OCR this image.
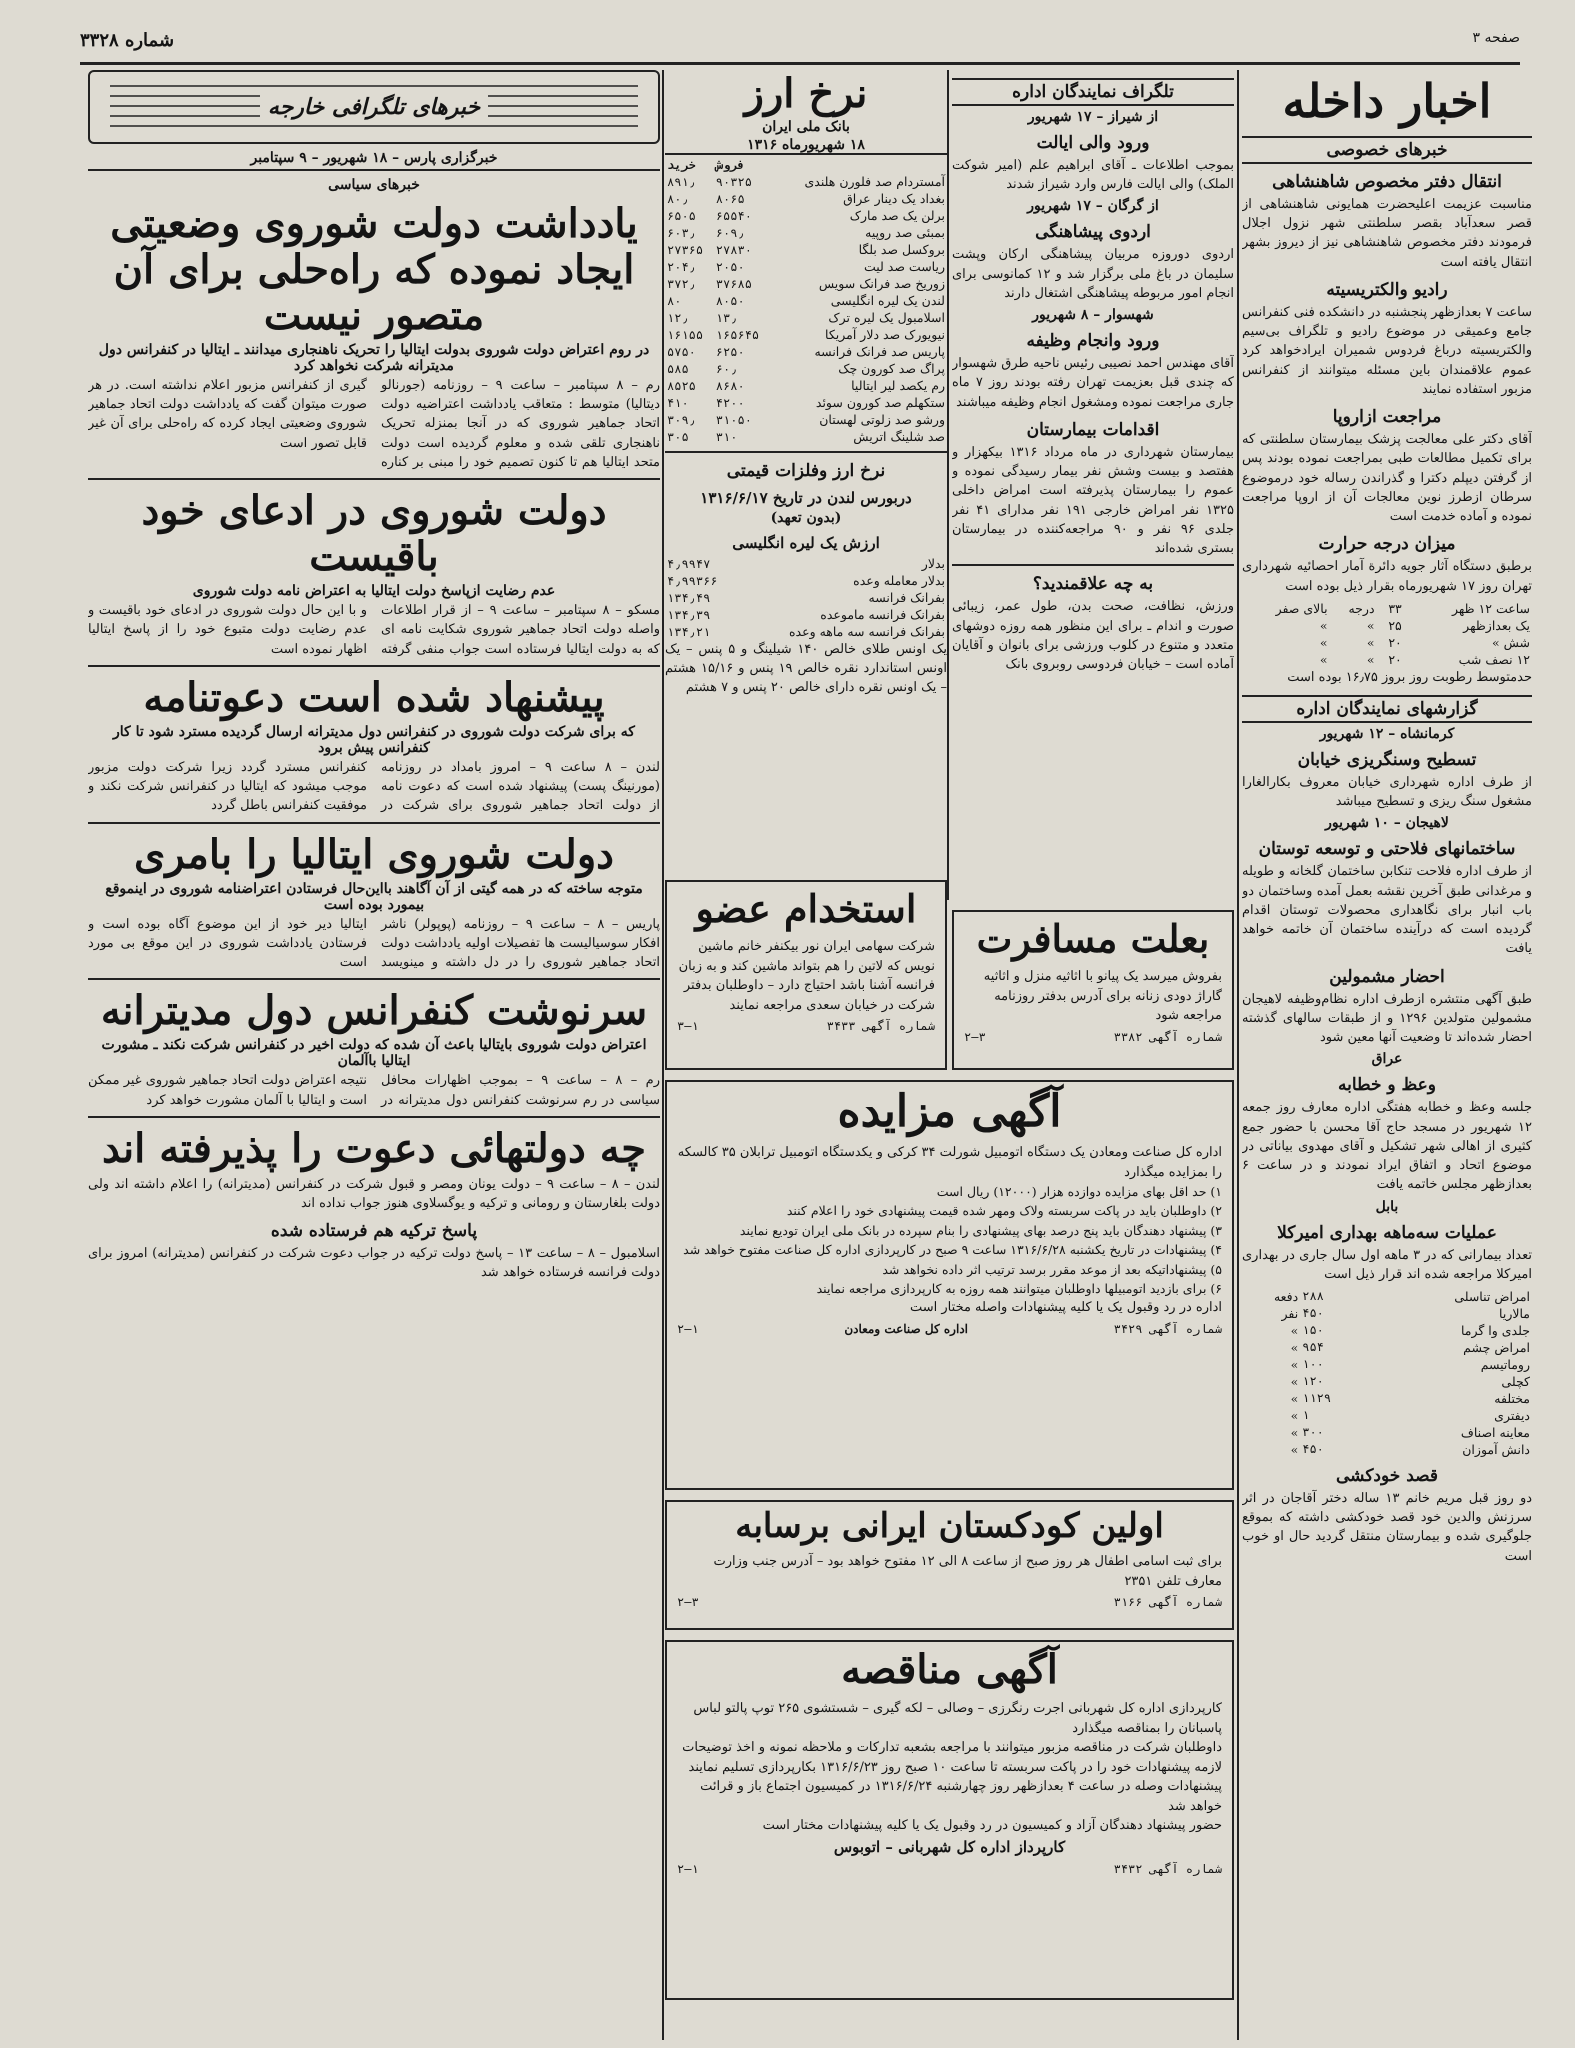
صفحه ۳
شماره ۳۳۲۸
اخبار داخله
خبرهای خصوصی
انتقال دفتر مخصوص شاهنشاهی

مناسبت عزیمت اعلیحضرت همایونی شاهنشاهی از قصر سعدآباد بقصر سلطنتی شهر نزول اجلال فرمودند دفتر مخصوص شاهنشاهی نیز از دیروز بشهر انتقال یافته است

رادیو والکتریسیته

ساعت ۷ بعدازظهر پنجشنبه در دانشکده فنی کنفرانس جامع وعمیقی در موضوع رادیو و تلگراف بی‌سیم والکتریسیته درباغ فردوس شمیران ایرادخواهد کرد عموم علاقمندان باین مسئله میتوانند از کنفرانس مزبور استفاده نمایند

مراجعت ازاروپا

آقای دکتر علی معالجت پزشک بیمارستان سلطنتی که برای تکمیل مطالعات طبی بمراجعت نموده بودند پس از گرفتن دیپلم دکترا و گذراندن رساله خود درموضوع سرطان ازطرز نوین معالجات آن از اروپا مراجعت نموده و آماده خدمت است

میزان درجه حرارت

برطبق دستگاه آثار جویه دائرة آمار احصائیه شهرداری تهران روز ۱۷ شهریورماه بقرار ذیل بوده است

ساعت ۱۲ ظهر	۳۳	درجه	بالای صفر
یک بعدازظهر	۲۵	»	»
شش »	۲۰	»	»
۱۲ نصف شب	۲۰	»	»

حدمتوسط رطوبت روز بروز ۱۶٫۷۵ بوده است

گزارشهای نمایندگان اداره
کرمانشاه – ۱۲ شهریور
تسطیح وسنگریزی خیابان

از طرف اداره شهرداری خیابان معروف بکارالغارا مشغول سنگ ریزی و تسطیح میباشد

لاهیجان – ۱۰ شهریور
ساختمانهای فلاحتی و توسعه توستان

از طرف اداره فلاحت تنکابن ساختمان گلخانه و طویله و مرغدانی طبق آخرین نقشه بعمل آمده وساختمان دو باب انبار برای نگاهداری محصولات توستان اقدام گردیده است که درآینده ساختمان آن خاتمه خواهد یافت

احضار مشمولین

طبق آگهی منتشره ازطرف اداره نظام‌وظیفه لاهیجان مشمولین متولدین ۱۲۹۶ و از طبقات سالهای گذشته احضار شده‌اند تا وضعیت آنها معین شود

عراق
وعظ و خطابه

جلسه وعظ و خطابه هفتگی اداره معارف روز جمعه ۱۲ شهریور در مسجد حاج آقا محسن با حضور جمع کثیری از اهالی شهر تشکیل و آقای مهدوی بیاناتی در موضوع اتحاد و اتفاق ایراد نمودند و در ساعت ۶ بعدازظهر مجلس خاتمه یافت

بابل
عملیات سه‌ماهه بهداری امیرکلا

تعداد بیمارانی که در ۳ ماهه اول سال جاری در بهداری امیرکلا مراجعه شده اند قرار ذیل است

امراض تناسلی	۲۸۸	دفعه
مالاریا	۴۵۰	نفر
جلدی وا گرما	۱۵۰	»
امراض چشم	۹۵۴	»
روماتیسم	۱۰۰	»
کچلی	۱۲۰	»
مختلفه	۱۱۲۹	»
دیفتری	۱	»
معاینه اصناف	۳۰۰	»
دانش آموزان	۴۵۰	»
قصد خودکشی

دو روز قبل مریم خانم ۱۳ ساله دختر آقاجان در اثر سرزنش والدین خود قصد خودکشی داشته که بموقع جلوگیری شده و بیمارستان منتقل گردید حال او خوب است

تلگراف نمایندگان اداره
از شیراز – ۱۷ شهریور
ورود والی ایالت

بموجب اطلاعات ـ آقای ابراهیم علم (امیر شوکت الملک) والی ایالت فارس وارد شیراز شدند

از گرگان – ۱۷ شهریور
اردوی پیشاهنگی

اردوی دوروزه مربیان پیشاهنگی ارکان وپشت سلیمان در باغ ملی برگزار شد و ۱۲ کمانوسی برای انجام امور مربوطه پیشاهنگی اشتغال دارند

شهسوار – ۸ شهریور
ورود وانجام وظیفه

آقای مهندس احمد نصیبی رئیس ناحیه طرق شهسوار که چندی قبل بعزیمت تهران رفته بودند روز ۷ ماه جاری مراجعت نموده ومشغول انجام وظیفه میباشند

اقدامات بیمارستان

بیمارستان شهرداری در ماه مرداد ۱۳۱۶ بیکهزار و هفتصد و بیست وشش نفر بیمار رسیدگی نموده و عموم را بیمارستان پذیرفته است امراض داخلی ۱۳۲۵ نفر امراض خارجی ۱۹۱ نفر مدارای ۴۱ نفر جلدی ۹۶ نفر و ۹۰ مراجعه‌کننده در بیمارستان بستری شده‌اند

به چه علاقمندید؟

ورزش، نظافت، صحت بدن، طول عمر، زیبائی صورت و اندام ـ برای این منظور همه روزه دوشهای متعدد و متنوع در کلوب ورزشی برای بانوان و آقایان آماده است – خیابان فردوسی روبروی بانک

نرخ ارز
بانک ملی ایران
۱۸ شهریورماه ۱۳۱۶
	فروش	خرید
آمستردام صد فلورن هلندی	۹۰۳۲۵	۸۹۱٫
بغداد یک دینار عراق	۸۰۶۵	۸۰٫
برلن یک صد مارک	۶۵۵۴۰	۶۵۰۵
بمبئی صد روپیه	۶۰۹٫	۶۰۳٫
بروکسل صد بلگا	۲۷۸۳۰	۲۷۳۶۵
ریاست صد لیت	۲۰۵۰	۲۰۴٫
زوریخ صد فرانک سویس	۳۷۶۸۵	۳۷۲٫
لندن یک لیره انگلیسی	۸۰۵۰	۸۰
اسلامبول یک لیره ترک	۱۳٫	۱۲٫
نیویورک صد دلار آمریکا	۱۶۵۶۴۵	۱۶۱۵۵
پاریس صد فرانک فرانسه	۶۲۵۰	۵۷۵۰
پراگ صد کورون چک	۶۰٫	۵۸۵
رم یکصد لیر ایتالیا	۸۶۸۰	۸۵۲۵
ستکهلم صد کورون سوئد	۴۲۰۰	۴۱۰
ورشو صد زلوتی لهستان	۳۱۰۵۰	۳۰۹٫
صد شلینگ اتریش	۳۱۰	۳۰۵
نرخ ارز وفلزات قیمتی
دربورس لندن در تاریخ ۱۳۱۶/۶/۱۷
(بدون تعهد)
ارزش یک لیره انگلیسی
بدلار	۴٫۹۹۴۷
بدلار معامله وعده	۴٫۹۹۳۶۶
بفرانک فرانسه	۱۳۴٫۴۹
بفرانک فرانسه ماموعده	۱۳۴٫۳۹
بفرانک فرانسه سه ماهه وعده	۱۳۴٫۲۱

یک اونس طلای خالص ۱۴۰ شیلینگ و ۵ پنس – یک اونس استاندارد نقره خالص ۱۹ پنس و ۱۵/۱۶ هشتم – یک اونس نقره دارای خالص ۲۰ پنس و ۷ هشتم

خبرهای تلگرافی خارجه
خبرگزاری پارس – ۱۸ شهریور – ۹ سپتامبر
خبرهای سیاسی
یادداشت دولت شوروی وضعیتی ایجاد نموده که راه‌حلی برای آن متصور نیست
در روم اعتراض دولت شوروی بدولت ایتالیا را تحریک ناهنجاری میدانند ـ ایتالیا در کنفرانس دول مدیترانه شرکت نخواهد کرد

رم – ۸ سپتامبر – ساعت ۹ – روزنامه (جورنالو دیتالیا) متوسط : متعاقب یادداشت اعتراضیه دولت اتحاد جماهیر شوروی که در آنجا بمنزله تحریک ناهنجاری تلقی شده و معلوم گردیده است دولت متحد ایتالیا هم تا کنون تصمیم خود را مبنی بر کناره گیری از کنفرانس مزبور اعلام نداشته است. در هر صورت میتوان گفت که یادداشت دولت اتحاد جماهیر شوروی وضعیتی ایجاد کرده که راه‌حلی برای آن غیر قابل تصور است

دولت شوروی در ادعای خود باقیست
عدم رضایت ازپاسخ دولت ایتالیا به اعتراض نامه دولت شوروی

مسکو – ۸ سپتامبر – ساعت ۹ – از قرار اطلاعات واصله دولت اتحاد جماهیر شوروی شکایت نامه ای که به دولت ایتالیا فرستاده است جواب منفی گرفته و با این حال دولت شوروی در ادعای خود باقیست و عدم رضایت دولت متبوع خود را از پاسخ ایتالیا اظهار نموده است

پیشنهاد شده است دعوتنامه
که برای شرکت دولت شوروی در کنفرانس دول مدیترانه ارسال گردیده مسترد شود تا کار کنفرانس پیش برود

لندن – ۸ ساعت ۹ – امروز بامداد در روزنامه (مورنینگ پست) پیشنهاد شده است که دعوت نامه از دولت اتحاد جماهیر شوروی برای شرکت در کنفرانس مسترد گردد زیرا شرکت دولت مزبور موجب میشود که ایتالیا در کنفرانس شرکت نکند و موفقیت کنفرانس باطل گردد

دولت شوروی ایتالیا را بامری
متوجه ساخته که در همه گیتی از آن آگاهند بااین‌حال فرستادن اعتراضنامه شوروی در اینموقع بیمورد بوده است

پاریس – ۸ – ساعت ۹ – روزنامه (پوپولر) ناشر افکار سوسیالیست ها تفصیلات اولیه یادداشت دولت اتحاد جماهیر شوروی را در دل داشته و مینویسد ایتالیا دیر خود از این موضوع آگاه بوده است و فرستادن یادداشت شوروی در این موقع بی مورد است

سرنوشت کنفرانس دول مدیترانه
اعتراض دولت شوروی بایتالیا باعث آن شده که دولت اخیر در کنفرانس شرکت نکند ـ مشورت ایتالیا باآلمان

رم – ۸ – ساعت ۹ – بموجب اظهارات محافل سیاسی در رم سرنوشت کنفرانس دول مدیترانه در نتیجه اعتراض دولت اتحاد جماهیر شوروی غیر ممکن است و ایتالیا با آلمان مشورت خواهد کرد

چه دولتهائی دعوت را پذیرفته اند

لندن – ۸ – ساعت ۹ – دولت یونان ومصر و قبول شرکت در کنفرانس (مدیترانه) را اعلام داشته اند ولی دولت بلغارستان و رومانی و ترکیه و یوگسلاوی هنوز جواب نداده اند

پاسخ ترکیه هم فرستاده شده

اسلامبول – ۸ – ساعت ۱۳ – پاسخ دولت ترکیه در جواب دعوت شرکت در کنفرانس (مدیترانه) امروز برای دولت فرانسه فرستاده خواهد شد

استخدام عضو
شرکت سهامی ایران نور بیکنفر خانم ماشین نویس که لاتین را هم بتواند ماشین کند و به زبان فرانسه آشنا باشد احتیاج دارد – داوطلبان بدفتر شرکت در خیابان سعدی مراجعه نمایند
شماره آگهی ۳۴۳۳
۱–۳
بعلت مسافرت
بفروش میرسد یک پیانو با اثاثیه منزل و اثاثیه گاراژ دودی زنانه برای آدرس بدفتر روزنامه مراجعه شود
شماره آگهی ۳۳۸۲
۳–۲
آگهی مزایده
اداره کل صناعت ومعادن یک دستگاه اتومبیل شورلت ۳۴ کرکی و یکدستگاه اتومبیل ترابلان ۳۵ کالسکه را بمزایده میگذارد
۱) حد اقل بهای مزایده دوازده هزار (۱۲۰۰۰) ریال است
۲) داوطلبان باید در پاکت سربسته ولاک ومهر شده قیمت پیشنهادی خود را اعلام کنند
۳) پیشنهاد دهندگان باید پنج درصد بهای پیشنهادی را بنام سپرده در بانک ملی ایران تودیع نمایند
۴) پیشنهادات در تاریخ یکشنبه ۱۳۱۶/۶/۲۸ ساعت ۹ صبح در کارپردازی اداره کل صناعت مفتوح خواهد شد
۵) پیشنهاداتیکه بعد از موعد مقرر برسد ترتیب اثر داده نخواهد شد
۶) برای بازدید اتومبیلها داوطلبان میتوانند همه روزه به کارپردازی مراجعه نمایند
اداره در رد وقبول یک یا کلیه پیشنهادات واصله مختار است
شماره آگهی ۳۴۲۹
اداره کل صناعت ومعادن
۱–۲
اولین کودکستان ایرانی برسابه
برای ثبت اسامی اطفال هر روز صبح از ساعت ۸ الی ۱۲ مفتوح خواهد بود – آدرس جنب وزارت معارف تلفن ۲۳۵۱
شماره آگهی ۳۱۶۶
۳–۲
آگهی مناقصه
کارپردازی اداره کل شهربانی اجرت رنگرزی – وصالی – لکه گیری – شستشوی ۲۶۵ توپ پالتو لباس پاسبانان را بمناقصه میگذارد
داوطلبان شرکت در مناقصه مزبور میتوانند با مراجعه بشعبه تدارکات و ملاحظه نمونه و اخذ توضیحات لازمه پیشنهادات خود را در پاکت سربسته تا ساعت ۱۰ صبح روز ۱۳۱۶/۶/۲۳ بکارپردازی تسلیم نمایند
پیشنهادات وصله در ساعت ۴ بعدازظهر روز چهارشنبه ۱۳۱۶/۶/۲۴ در کمیسیون اجتماع باز و قرائت خواهد شد
حضور پیشنهاد دهندگان آزاد و کمیسیون در رد وقبول یک یا کلیه پیشنهادات مختار است
کارپرداز اداره کل شهربانی – اتوبوس
شماره آگهی ۳۴۳۲
۱–۲
